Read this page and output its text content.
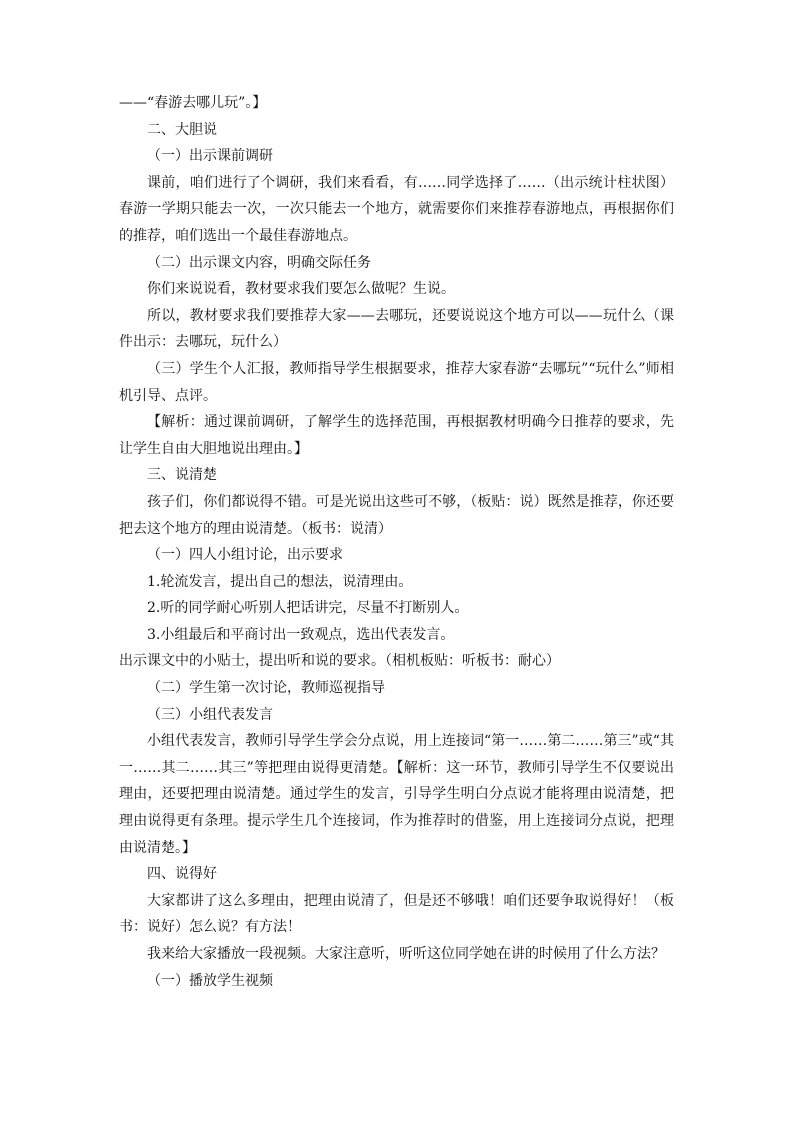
——“春游去哪儿玩”。】

二、大胆说

（一）出示课前调研

课前，咱们进行了个调研，我们来看看，有……同学选择了……（出示统计柱状图）春游一学期只能去一次，一次只能去一个地方，就需要你们来推荐春游地点，再根据你们的推荐，咱们选出一个最佳春游地点。

（二）出示课文内容，明确交际任务

你们来说说看，教材要求我们要怎么做呢？生说。

所以，教材要求我们要推荐大家——去哪玩，还要说说这个地方可以——玩什么（课件出示：去哪玩，玩什么）

（三）学生个人汇报，教师指导学生根据要求，推荐大家春游“去哪玩”“玩什么”师相机引导、点评。

【解析：通过课前调研，了解学生的选择范围，再根据教材明确今日推荐的要求，先让学生自由大胆地说出理由。】

三、说清楚

孩子们，你们都说得不错。可是光说出这些可不够，（板贴：说）既然是推荐，你还要把去这个地方的理由说清楚。（板书：说清）

（一）四人小组讨论，出示要求

1.轮流发言，提出自己的想法，说清理由。

2.听的同学耐心听别人把话讲完，尽量不打断别人。

3.小组最后和平商讨出一致观点，选出代表发言。

出示课文中的小贴士，提出听和说的要求。（相机板贴：听板书：耐心）

（二）学生第一次讨论，教师巡视指导

（三）小组代表发言

小组代表发言，教师引导学生学会分点说，用上连接词“第一……第二……第三”或“其一……其二……其三”等把理由说得更清楚。【解析：这一环节，教师引导学生不仅要说出理由，还要把理由说清楚。通过学生的发言，引导学生明白分点说才能将理由说清楚，把理由说得更有条理。提示学生几个连接词，作为推荐时的借鉴，用上连接词分点说，把理由说清楚。】

四、说得好

大家都讲了这么多理由，把理由说清了，但是还不够哦！咱们还要争取说得好！（板书：说好）怎么说？有方法！

我来给大家播放一段视频。大家注意听，听听这位同学她在讲的时候用了什么方法？

（一）播放学生视频
